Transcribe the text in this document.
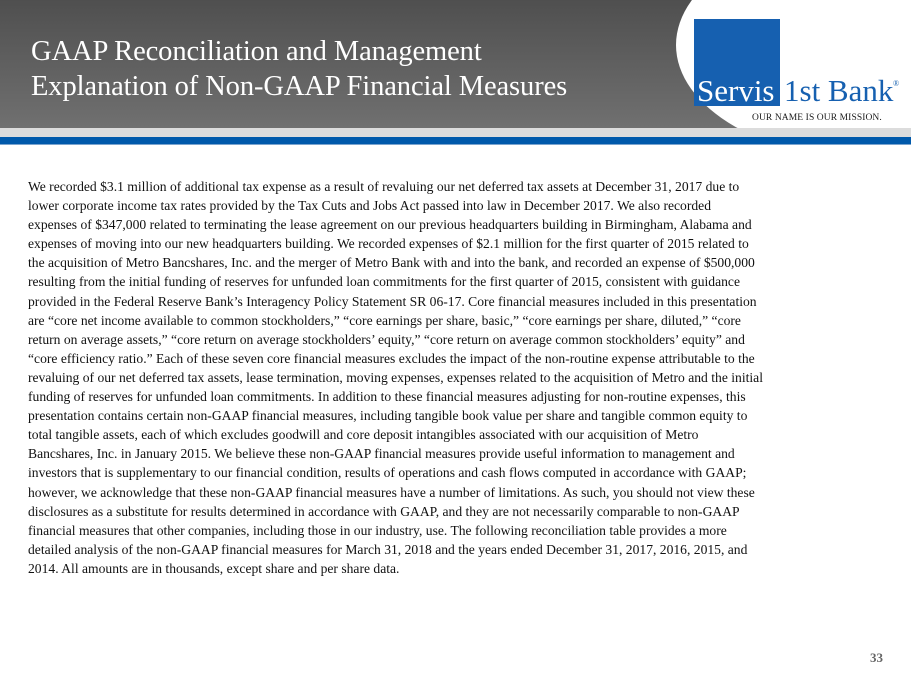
GAAP Reconciliation and Management
Explanation of Non-GAAP Financial Measures	Servis 1st Bank ®
OUR NAME IS OUR MISSION.
We recorded $3.1 million of additional tax expense as a result of revaluing our net deferred tax assets at December 31, 2017 due to
lower corporate income tax rates provided by the Tax Cuts and Jobs Act passed into law in December 2017. We also recorded
expenses of $347,000 related to terminating the lease agreement on our previous headquarters building in Birmingham, Alabama and
expenses of moving into our new headquarters building. We recorded expenses of $2.1 million for the first quarter of 2015 related to
the acquisition of Metro Bancshares, Inc. and the merger of Metro Bank with and into the bank, and recorded an expense of $500,000
resulting from the initial funding of reserves for unfunded loan commitments for the first quarter of 2015, consistent with guidance
provided in the Federal Reserve Bank’s Interagency Policy Statement SR 06-17. Core financial measures included in this presentation
are “core net income available to common stockholders,” “core earnings per share, basic,” “core earnings per share, diluted,” “core
return on average assets,” “core return on average stockholders’ equity,” “core return on average common stockholders’ equity” and
“core efficiency ratio.” Each of these seven core financial measures excludes the impact of the non-routine expense attributable to the
revaluing of our net deferred tax assets, lease termination, moving expenses, expenses related to the acquisition of Metro and the initial
funding of reserves for unfunded loan commitments. In addition to these financial measures adjusting for non-routine expenses, this
presentation contains certain non-GAAP financial measures, including tangible book value per share and tangible common equity to
total tangible assets, each of which excludes goodwill and core deposit intangibles associated with our acquisition of Metro
Bancshares, Inc. in January 2015. We believe these non-GAAP financial measures provide useful information to management and
investors that is supplementary to our financial condition, results of operations and cash flows computed in accordance with GAAP;
however, we acknowledge that these non-GAAP financial measures have a number of limitations. As such, you should not view these
disclosures as a substitute for results determined in accordance with GAAP, and they are not necessarily comparable to non-GAAP
financial measures that other companies, including those in our industry, use. The following reconciliation table provides a more
detailed analysis of the non-GAAP financial measures for March 31, 2018 and the years ended December 31, 2017, 2016, 2015, and
2014. All amounts are in thousands, except share and per share data.
33
